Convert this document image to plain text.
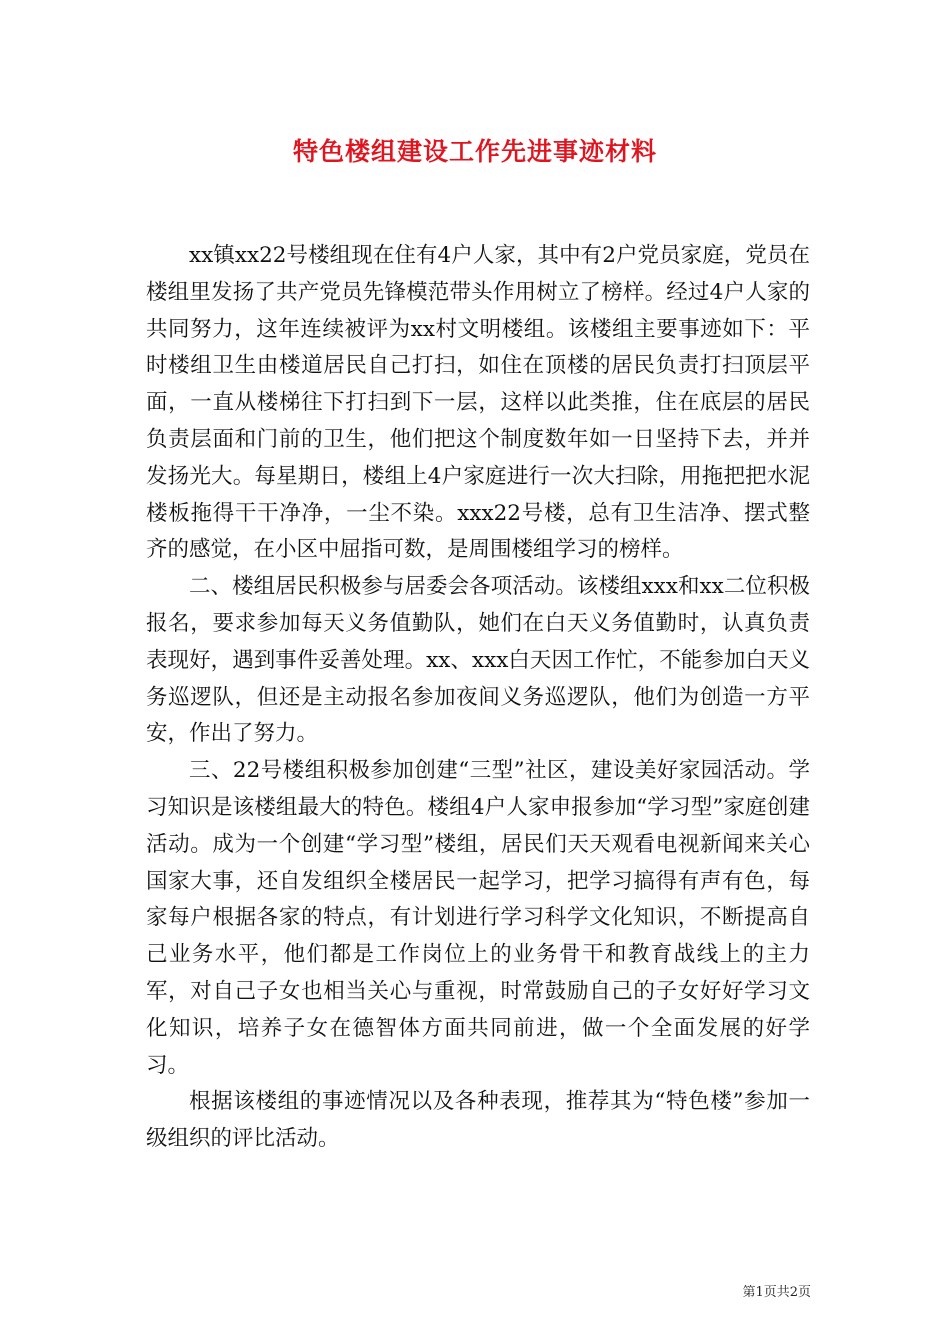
特色楼组建设工作先进事迹材料

xx镇xx22号楼组现在住有4户人家，其中有2户党员家庭，党员在楼组里发扬了共产党员先锋模范带头作用树立了榜样。经过4户人家的共同努力，这年连续被评为xx村文明楼组。该楼组主要事迹如下：平时楼组卫生由楼道居民自己打扫，如住在顶楼的居民负责打扫顶层平面，一直从楼梯往下打扫到下一层，这样以此类推，住在底层的居民负责层面和门前的卫生，他们把这个制度数年如一日坚持下去，并并发扬光大。每星期日，楼组上4户家庭进行一次大扫除，用拖把把水泥楼板拖得干干净净，一尘不染。xxx22号楼，总有卫生洁净、摆式整齐的感觉，在小区中屈指可数，是周围楼组学习的榜样。

二、楼组居民积极参与居委会各项活动。该楼组xxx和xx二位积极报名，要求参加每天义务值勤队，她们在白天义务值勤时，认真负责表现好，遇到事件妥善处理。xx、xxx白天因工作忙，不能参加白天义务巡逻队，但还是主动报名参加夜间义务巡逻队，他们为创造一方平安，作出了努力。

三、22号楼组积极参加创建“三型”社区，建设美好家园活动。学习知识是该楼组最大的特色。楼组4户人家申报参加“学习型”家庭创建活动。成为一个创建“学习型”楼组，居民们天天观看电视新闻来关心国家大事，还自发组织全楼居民一起学习，把学习搞得有声有色，每家每户根据各家的特点，有计划进行学习科学文化知识，不断提高自己业务水平，他们都是工作岗位上的业务骨干和教育战线上的主力军，对自己子女也相当关心与重视，时常鼓励自己的子女好好学习文化知识，培养子女在德智体方面共同前进，做一个全面发展的好学习。

根据该楼组的事迹情况以及各种表现，推荐其为“特色楼”参加一级组织的评比活动。

第1页共2页
